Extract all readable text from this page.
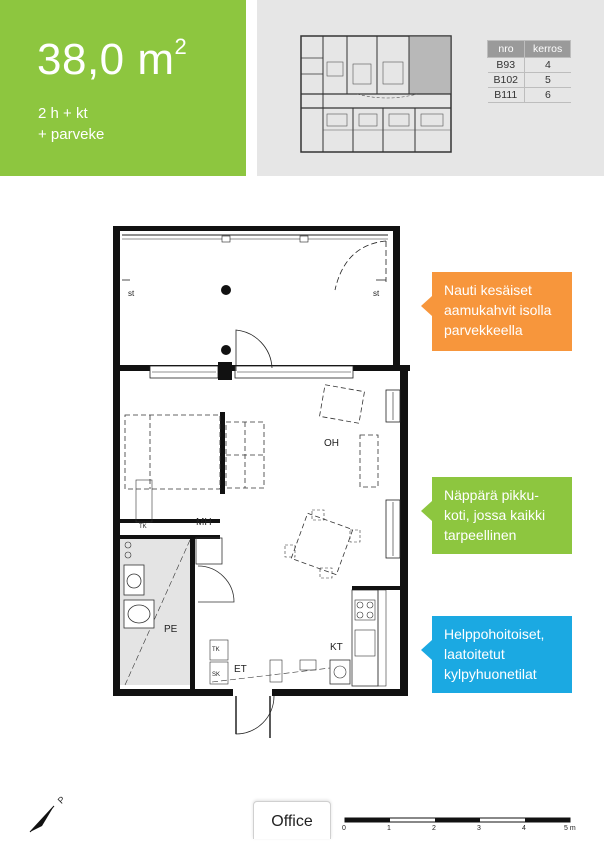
38,0 $m^2$
2 h + kt
+ parveke
nro	kerros
B93	4
B102	5
B111	6
st	st
OH
MH
TK
PE
TK
SK ET
KT
P
0	1	2	3	4	5 m
Nauti kesäiset aamukahvit isolla parvekkeella
Näppärä pikku-koti, jossa kaikki tarpeellinen
Helppohoitoiset, laatoitetut kylpyhuonetilat
Office
